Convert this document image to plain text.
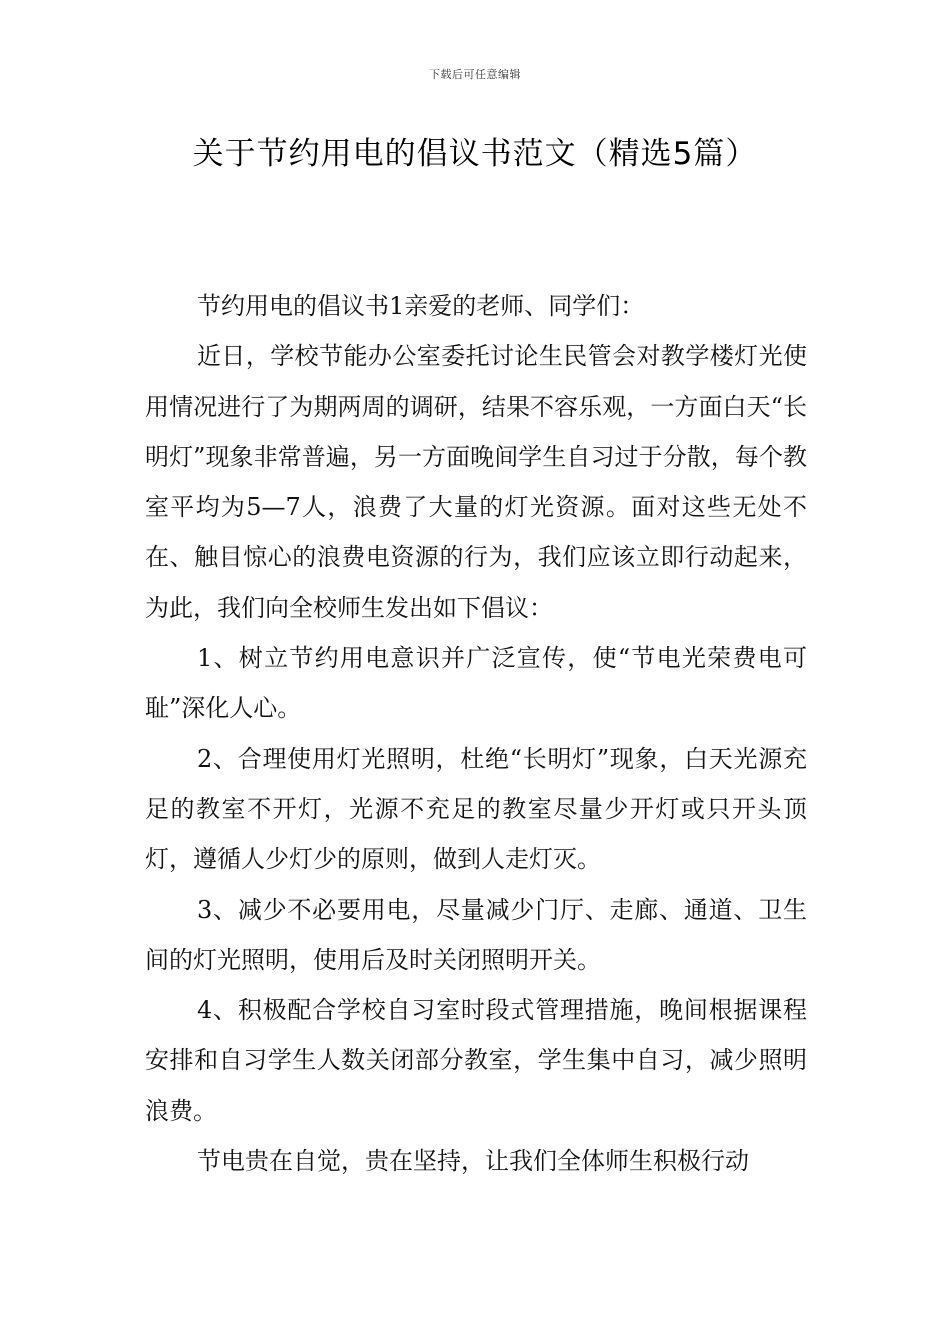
下载后可任意编辑
关于节约用电的倡议书范文（精选5篇）

节约用电的倡议书1亲爱的老师、同学们：

近日，学校节能办公室委托讨论生民管会对教学楼灯光使用情况进行了为期两周的调研，结果不容乐观，一方面白天“长明灯”现象非常普遍，另一方面晚间学生自习过于分散，每个教室平均为5—7人，浪费了大量的灯光资源。面对这些无处不在、触目惊心的浪费电资源的行为，我们应该立即行动起来，为此，我们向全校师生发出如下倡议：

1、树立节约用电意识并广泛宣传，使“节电光荣费电可耻”深化人心。

2、合理使用灯光照明，杜绝“长明灯”现象，白天光源充足的教室不开灯，光源不充足的教室尽量少开灯或只开头顶灯，遵循人少灯少的原则，做到人走灯灭。

3、减少不必要用电，尽量减少门厅、走廊、通道、卫生间的灯光照明，使用后及时关闭照明开关。

4、积极配合学校自习室时段式管理措施，晚间根据课程安排和自习学生人数关闭部分教室，学生集中自习，减少照明浪费。

节电贵在自觉，贵在坚持，让我们全体师生积极行动
